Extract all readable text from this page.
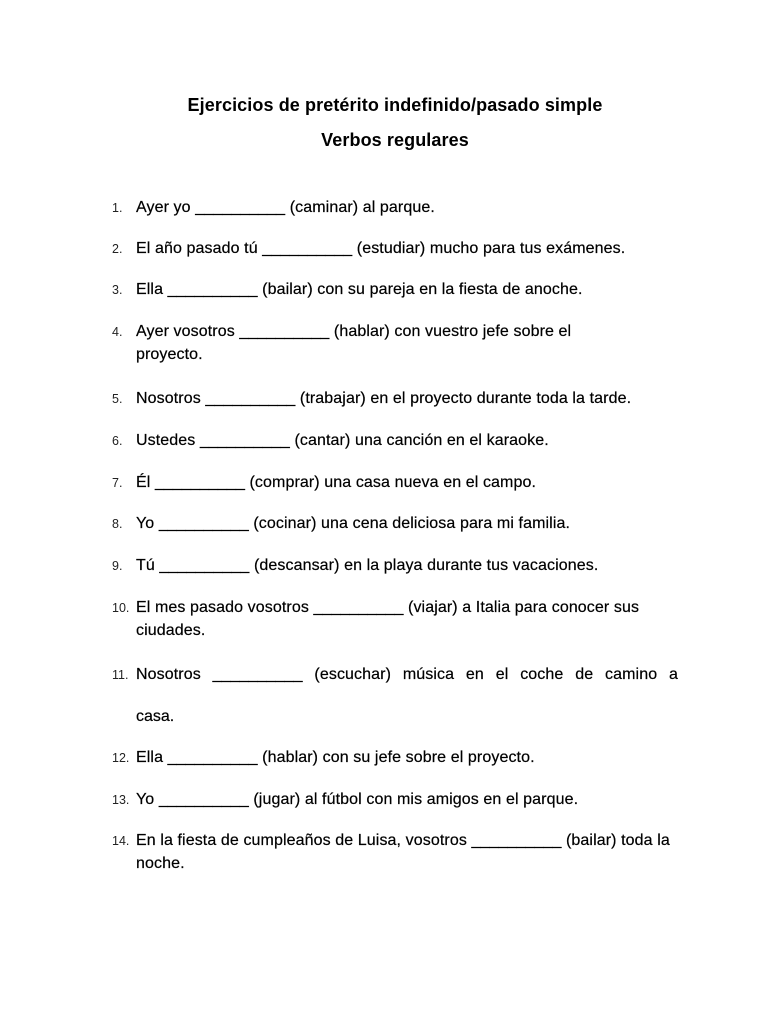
Ejercicios de pretérito indefinido/pasado simple
Verbos regulares
1. Ayer yo __________ (caminar) al parque.
2. El año pasado tú __________ (estudiar) mucho para tus exámenes.
3. Ella __________ (bailar) con su pareja en la fiesta de anoche.
4. Ayer vosotros __________ (hablar) con vuestro jefe sobre el proyecto.
5. Nosotros __________ (trabajar) en el proyecto durante toda la tarde.
6. Ustedes __________ (cantar) una canción en el karaoke.
7. Él __________ (comprar) una casa nueva en el campo.
8. Yo __________ (cocinar) una cena deliciosa para mi familia.
9. Tú __________ (descansar) en la playa durante tus vacaciones.
10. El mes pasado vosotros __________ (viajar) a Italia para conocer sus ciudades.
11. Nosotros __________ (escuchar) música en el coche de camino a
casa.
12. Ella __________ (hablar) con su jefe sobre el proyecto.
13. Yo __________ (jugar) al fútbol con mis amigos en el parque.
14. En la fiesta de cumpleaños de Luisa, vosotros __________ (bailar) toda la noche.
